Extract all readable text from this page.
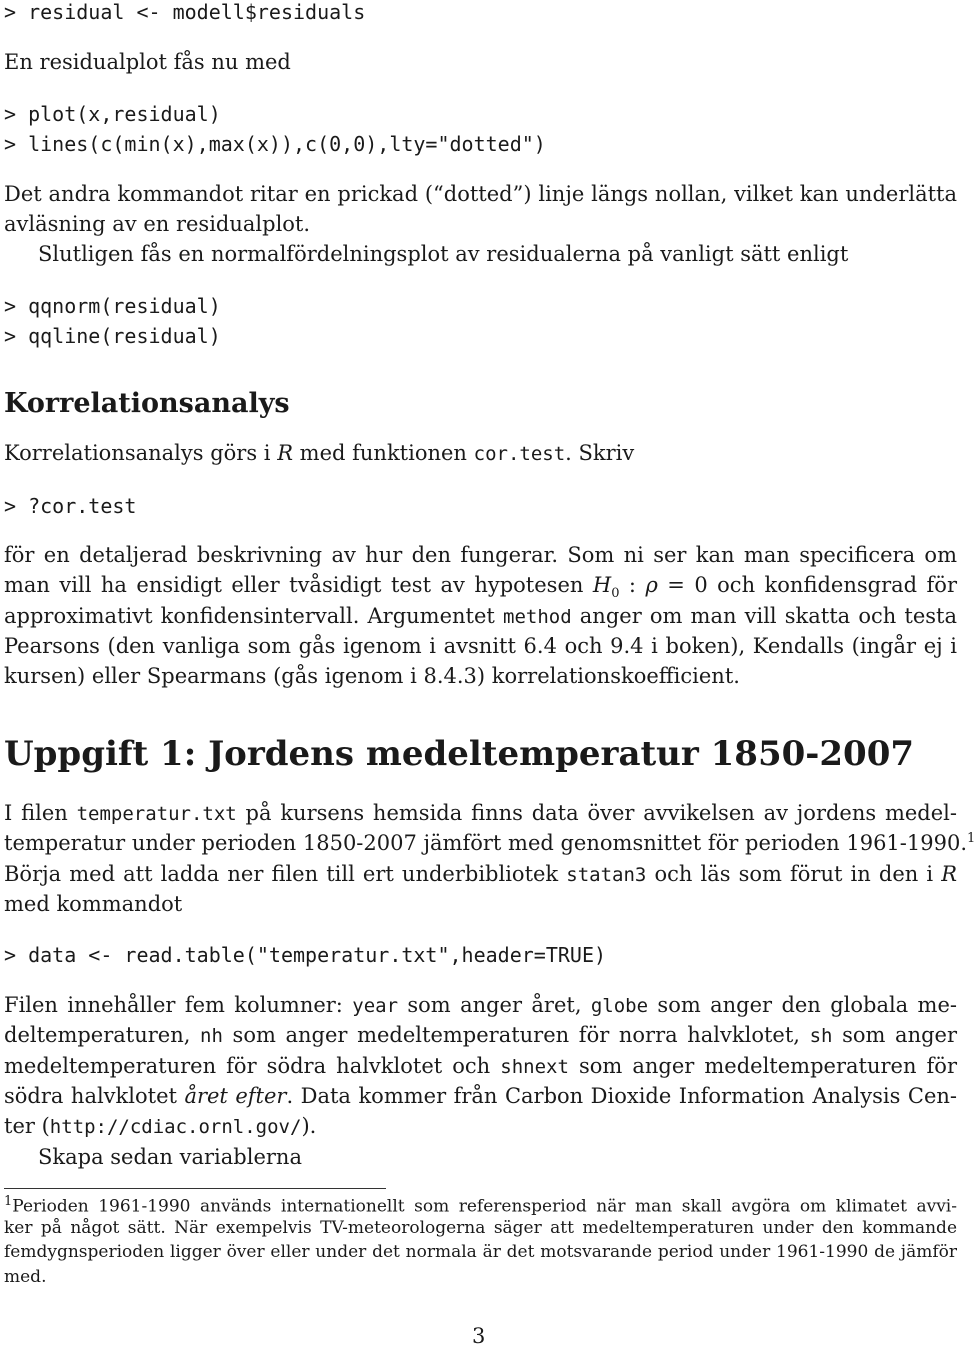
> residual <- modell$residuals
En residualplot fås nu med
> plot(x,residual)
> lines(c(min(x),max(x)),c(0,0),lty="dotted")
Det andra kommandot ritar en prickad (“dotted”) linje längs nollan, vilket kan underlätta
avläsning av en residualplot.
Slutligen fås en normalfördelningsplot av residualerna på vanligt sätt enligt
> qqnorm(residual)
> qqline(residual)
Korrelationsanalys
Korrelationsanalys görs i R med funktionen cor.test. Skriv
> ?cor.test
för en detaljerad beskrivning av hur den fungerar. Som ni ser kan man specificera om
man vill ha ensidigt eller tvåsidigt test av hypotesen $H_0$ : ρ = 0 och konfidensgrad för
approximativt konfidensintervall. Argumentet method anger om man vill skatta och testa
Pearsons (den vanliga som gås igenom i avsnitt 6.4 och 9.4 i boken), Kendalls (ingår ej i
kursen) eller Spearmans (gås igenom i 8.4.3) korrelationskoefficient.
Uppgift 1: Jordens medeltemperatur 1850-2007
I filen temperatur.txt på kursens hemsida finns data över avvikelsen av jordens medel-
temperatur under perioden 1850-2007 jämfört med genomsnittet för perioden 1961-1990.$^1$
Börja med att ladda ner filen till ert underbibliotek statan3 och läs som förut in den i R
med kommandot
> data <- read.table("temperatur.txt",header=TRUE)
Filen innehåller fem kolumner: year som anger året, globe som anger den globala me-
deltemperaturen, nh som anger medeltemperaturen för norra halvklotet, sh som anger
medeltemperaturen för södra halvklotet och shnext som anger medeltemperaturen för
södra halvklotet året efter. Data kommer från Carbon Dioxide Information Analysis Cen-
ter (http://cdiac.ornl.gov/).
Skapa sedan variablerna
$^1$Perioden 1961-1990 används internationellt som referensperiod när man skall avgöra om klimatet avvi-
ker på något sätt. När exempelvis TV-meteorologerna säger att medeltemperaturen under den kommande
femdygnsperioden ligger över eller under det normala är det motsvarande period under 1961-1990 de jämför
med.
3
